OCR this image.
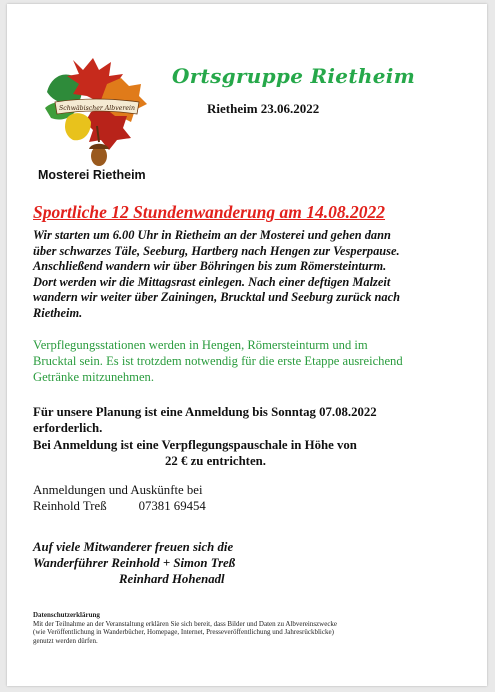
Schwäbischer Albverein
Ortsgruppe Rietheim
Rietheim 23.06.2022
Mosterei Rietheim
Sportliche 12 Stundenwanderung am 14.08.2022
Wir starten um 6.00 Uhr in Rietheim an der Mosterei und gehen dann
über schwarzes Täle, Seeburg, Hartberg nach Hengen zur Vesperpause.
Anschließend wandern wir über Böhringen bis zum Römersteinturm.
Dort werden wir die Mittagsrast einlegen. Nach einer deftigen Malzeit
wandern wir weiter über Zainingen, Brucktal und Seeburg zurück nach
Rietheim.
Verpflegungsstationen werden in Hengen, Römersteinturm und im
Brucktal sein. Es ist trotzdem notwendig für die erste Etappe ausreichend
Getränke mitzunehmen.
Für unsere Planung ist eine Anmeldung bis Sonntag 07.08.2022
erforderlich.
Bei Anmeldung ist eine Verpflegungspauschale in Höhe von
22 € zu entrichten.
Anmeldungen und Auskünfte bei
Reinhold Treß	07381 69454
Auf viele Mitwanderer freuen sich die
Wanderführer Reinhold + Simon Treß
Reinhard Hohenadl
Datenschutzerklärung
Mit der Teilnahme an der Veranstaltung erklären Sie sich bereit, dass Bilder und Daten zu Albvereinszwecke
(wie Veröffentlichung in Wanderbücher, Homepage, Internet, Presseveröffentlichung und Jahresrückblicke)
genutzt werden dürfen.
